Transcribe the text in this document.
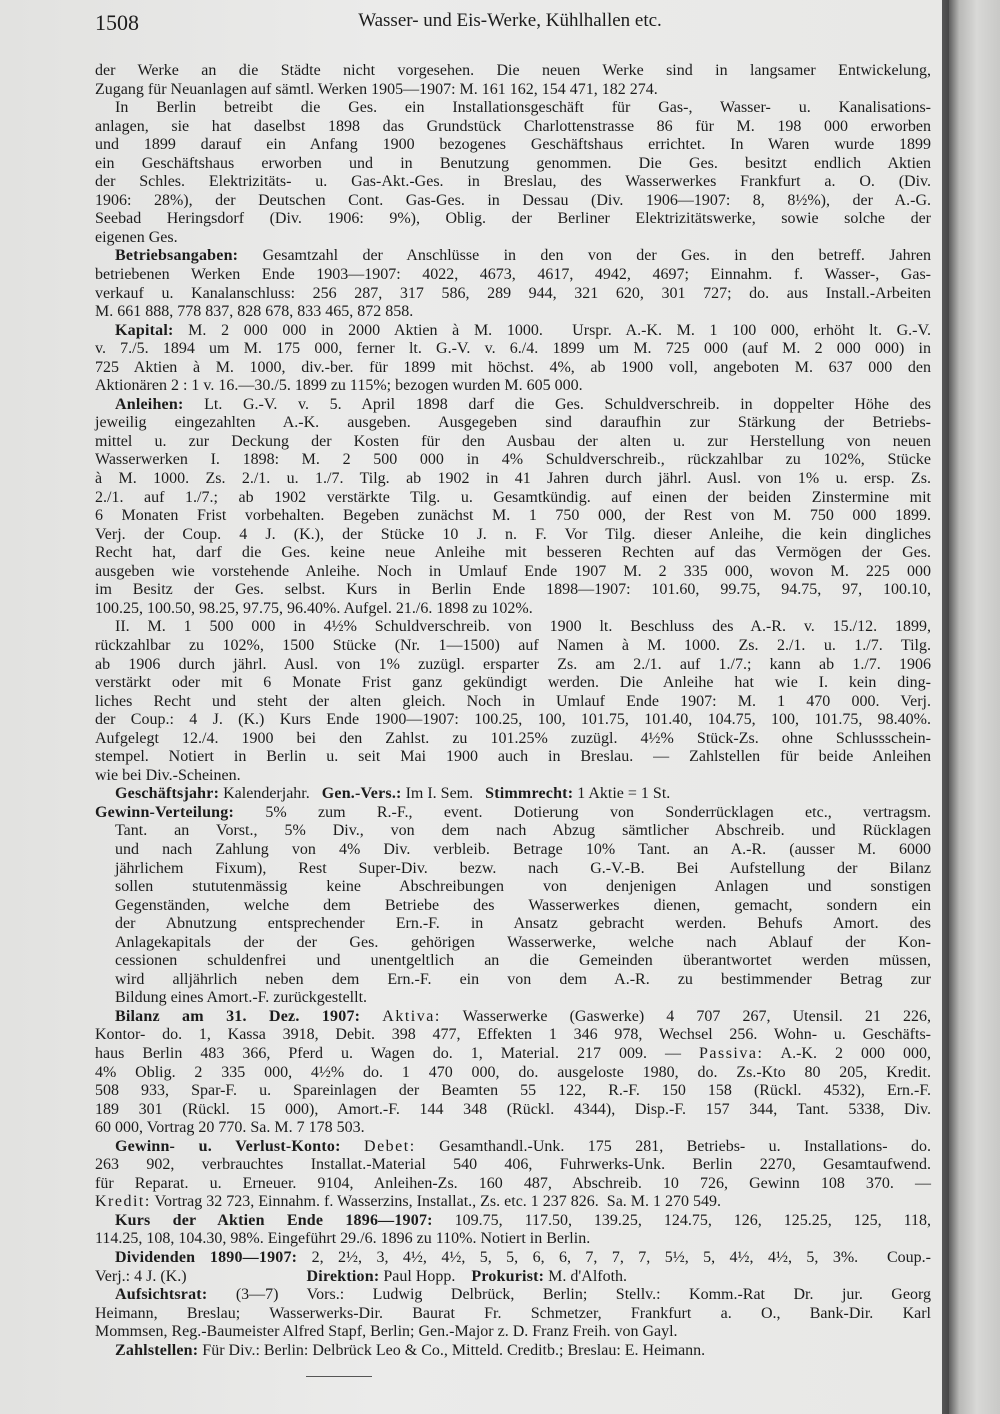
1508	Wasser- und Eis-Werke, Kühlhallen etc.
der Werke an die Städte nicht vorgesehen. Die neuen Werke sind in langsamer Entwickelung,
Zugang für Neuanlagen auf sämtl. Werken 1905—1907: M. 161 162, 154 471, 182 274.
In Berlin betreibt die Ges. ein Installationsgeschäft für Gas-, Wasser- u. Kanalisations-
anlagen, sie hat daselbst 1898 das Grundstück Charlottenstrasse 86 für M. 198 000 erworben
und 1899 darauf ein Anfang 1900 bezogenes Geschäftshaus errichtet. In Waren wurde 1899
ein Geschäftshaus erworben und in Benutzung genommen. Die Ges. besitzt endlich Aktien
der Schles. Elektrizitäts- u. Gas-Akt.-Ges. in Breslau, des Wasserwerkes Frankfurt a. O. (Div.
1906: 28%), der Deutschen Cont. Gas-Ges. in Dessau (Div. 1906—1907: 8, 8½%), der A.-G.
Seebad Heringsdorf (Div. 1906: 9%), Oblig. der Berliner Elektrizitätswerke, sowie solche der
eigenen Ges.
Betriebsangaben: Gesamtzahl der Anschlüsse in den von der Ges. in den betreff. Jahren
betriebenen Werken Ende 1903—1907: 4022, 4673, 4617, 4942, 4697; Einnahm. f. Wasser-, Gas-
verkauf u. Kanalanschluss: 256 287, 317 586, 289 944, 321 620, 301 727; do. aus Install.-Arbeiten
M. 661 888, 778 837, 828 678, 833 465, 872 858.
Kapital: M. 2 000 000 in 2000 Aktien à M. 1000.  Urspr. A.-K. M. 1 100 000, erhöht lt. G.-V.
v. 7./5. 1894 um M. 175 000, ferner lt. G.-V. v. 6./4. 1899 um M. 725 000 (auf M. 2 000 000) in
725 Aktien à M. 1000, div.-ber. für 1899 mit höchst. 4%, ab 1900 voll, angeboten M. 637 000 den
Aktionären 2 : 1 v. 16.—30./5. 1899 zu 115%; bezogen wurden M. 605 000.
Anleihen: Lt. G.-V. v. 5. April 1898 darf die Ges. Schuldverschreib. in doppelter Höhe des
jeweilig eingezahlten A.-K. ausgeben. Ausgegeben sind daraufhin zur Stärkung der Betriebs-
mittel u. zur Deckung der Kosten für den Ausbau der alten u. zur Herstellung von neuen
Wasserwerken I. 1898: M. 2 500 000 in 4% Schuldverschreib., rückzahlbar zu 102%, Stücke
à M. 1000. Zs. 2./1. u. 1./7. Tilg. ab 1902 in 41 Jahren durch jährl. Ausl. von 1% u. ersp. Zs.
2./1. auf 1./7.; ab 1902 verstärkte Tilg. u. Gesamtkündig. auf einen der beiden Zinstermine mit
6 Monaten Frist vorbehalten. Begeben zunächst M. 1 750 000, der Rest von M. 750 000 1899.
Verj. der Coup. 4 J. (K.), der Stücke 10 J. n. F. Vor Tilg. dieser Anleihe, die kein dingliches
Recht hat, darf die Ges. keine neue Anleihe mit besseren Rechten auf das Vermögen der Ges.
ausgeben wie vorstehende Anleihe. Noch in Umlauf Ende 1907 M. 2 335 000, wovon M. 225 000
im Besitz der Ges. selbst. Kurs in Berlin Ende 1898—1907: 101.60, 99.75, 94.75, 97, 100.10,
100.25, 100.50, 98.25, 97.75, 96.40%. Aufgel. 21./6. 1898 zu 102%.
II. M. 1 500 000 in 4½% Schuldverschreib. von 1900 lt. Beschluss des A.-R. v. 15./12. 1899,
rückzahlbar zu 102%, 1500 Stücke (Nr. 1—1500) auf Namen à M. 1000. Zs. 2./1. u. 1./7. Tilg.
ab 1906 durch jährl. Ausl. von 1% zuzügl. ersparter Zs. am 2./1. auf 1./7.; kann ab 1./7. 1906
verstärkt oder mit 6 Monate Frist ganz gekündigt werden. Die Anleihe hat wie I. kein ding-
liches Recht und steht der alten gleich. Noch in Umlauf Ende 1907: M. 1 470 000. Verj.
der Coup.: 4 J. (K.) Kurs Ende 1900—1907: 100.25, 100, 101.75, 101.40, 104.75, 100, 101.75, 98.40%.
Aufgelegt 12./4. 1900 bei den Zahlst. zu 101.25% zuzügl. 4½% Stück-Zs. ohne Schlussschein-
stempel. Notiert in Berlin u. seit Mai 1900 auch in Breslau. — Zahlstellen für beide Anleihen
wie bei Div.-Scheinen.
Geschäftsjahr: Kalenderjahr.   Gen.-Vers.: Im I. Sem.   Stimmrecht: 1 Aktie = 1 St.
Gewinn-Verteilung: 5% zum R.-F., event. Dotierung von Sonderrücklagen etc., vertragsm.
Tant. an Vorst., 5% Div., von dem nach Abzug sämtlicher Abschreib. und Rücklagen
und nach Zahlung von 4% Div. verbleib. Betrage 10% Tant. an A.-R. (ausser M. 6000
jährlichem Fixum), Rest Super-Div. bezw. nach G.-V.-B. Bei Aufstellung der Bilanz
sollen stututenmässig keine Abschreibungen von denjenigen Anlagen und sonstigen
Gegenständen, welche dem Betriebe des Wasserwerkes dienen, gemacht, sondern ein
der Abnutzung entsprechender Ern.-F. in Ansatz gebracht werden. Behufs Amort. des
Anlagekapitals der der Ges. gehörigen Wasserwerke, welche nach Ablauf der Kon-
cessionen schuldenfrei und unentgeltlich an die Gemeinden überantwortet werden müssen,
wird alljährlich neben dem Ern.-F. ein von dem A.-R. zu bestimmender Betrag zur
Bildung eines Amort.-F. zurückgestellt.
Bilanz am 31. Dez. 1907: Aktiva: Wasserwerke (Gaswerke) 4 707 267, Utensil. 21 226,
Kontor- do. 1, Kassa 3918, Debit. 398 477, Effekten 1 346 978, Wechsel 256. Wohn- u. Geschäfts-
haus Berlin 483 366, Pferd u. Wagen do. 1, Material. 217 009. — Passiva: A.-K. 2 000 000,
4% Oblig. 2 335 000, 4½% do. 1 470 000, do. ausgeloste 1980, do. Zs.-Kto 80 205, Kredit.
508 933, Spar-F. u. Spareinlagen der Beamten 55 122, R.-F. 150 158 (Rückl. 4532), Ern.-F.
189 301 (Rückl. 15 000), Amort.-F. 144 348 (Rückl. 4344), Disp.-F. 157 344, Tant. 5338, Div.
60 000, Vortrag 20 770. Sa. M. 7 178 503.
Gewinn- u. Verlust-Konto: Debet: Gesamthandl.-Unk. 175 281, Betriebs- u. Installations- do.
263 902, verbrauchtes Installat.-Material 540 406, Fuhrwerks-Unk. Berlin 2270, Gesamtaufwend.
für Reparat. u. Erneuer. 9104, Anleihen-Zs. 160 487, Abschreib. 10 726, Gewinn 108 370. —
Kredit: Vortrag 32 723, Einnahm. f. Wasserzins, Installat., Zs. etc. 1 237 826.  Sa. M. 1 270 549.
Kurs der Aktien Ende 1896—1907: 109.75, 117.50, 139.25, 124.75, 126, 125.25, 125, 118,
114.25, 108, 104.30, 98%. Eingeführt 29./6. 1896 zu 110%. Notiert in Berlin.
Dividenden 1890—1907: 2, 2½, 3, 4½, 4½, 5, 5, 6, 6, 7, 7, 7, 5½, 5, 4½, 4½, 5, 3%.  Coup.-
Verj.: 4 J. (K.)                              Direktion: Paul Hopp.    Prokurist: M. d'Alfoth.
Aufsichtsrat: (3—7) Vors.: Ludwig Delbrück, Berlin; Stellv.: Komm.-Rat Dr. jur. Georg
Heimann, Breslau; Wasserwerks-Dir. Baurat Fr. Schmetzer, Frankfurt a. O., Bank-Dir. Karl
Mommsen, Reg.-Baumeister Alfred Stapf, Berlin; Gen.-Major z. D. Franz Freih. von Gayl.
Zahlstellen: Für Div.: Berlin: Delbrück Leo & Co., Mitteld. Creditb.; Breslau: E. Heimann.
